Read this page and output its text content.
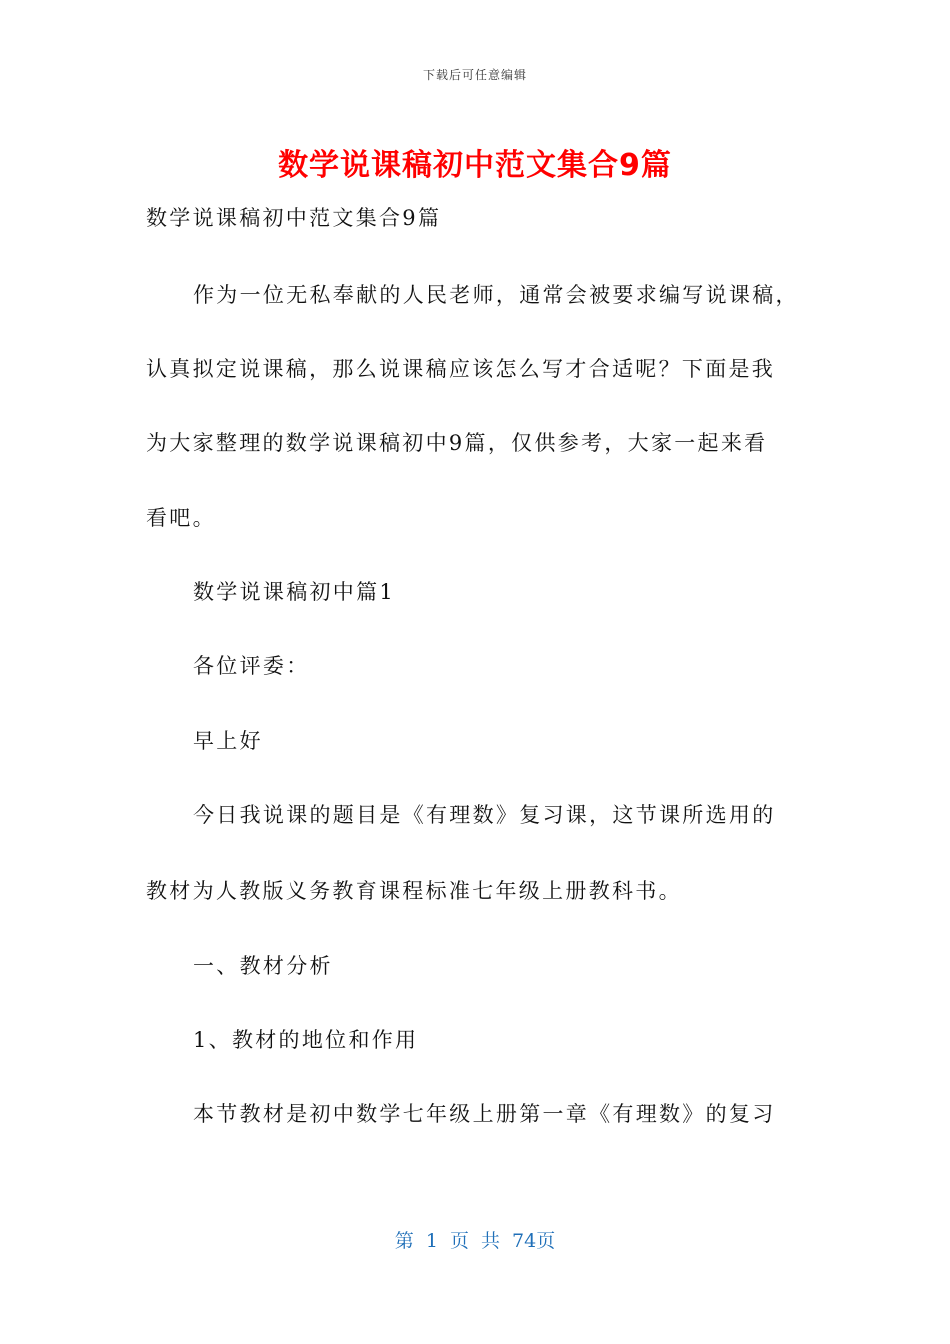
下载后可任意编辑
数学说课稿初中范文集合9篇
数学说课稿初中范文集合9篇
作为一位无私奉献的人民老师，通常会被要求编写说课稿，
认真拟定说课稿，那么说课稿应该怎么写才合适呢？下面是我
为大家整理的数学说课稿初中9篇，仅供参考，大家一起来看
看吧。
数学说课稿初中篇1
各位评委：
早上好
今日我说课的题目是《有理数》复习课，这节课所选用的
教材为人教版义务教育课程标准七年级上册教科书。
一、教材分析
1、教材的地位和作用
本节教材是初中数学七年级上册第一章《有理数》的复习
第 1 页 共 74页
